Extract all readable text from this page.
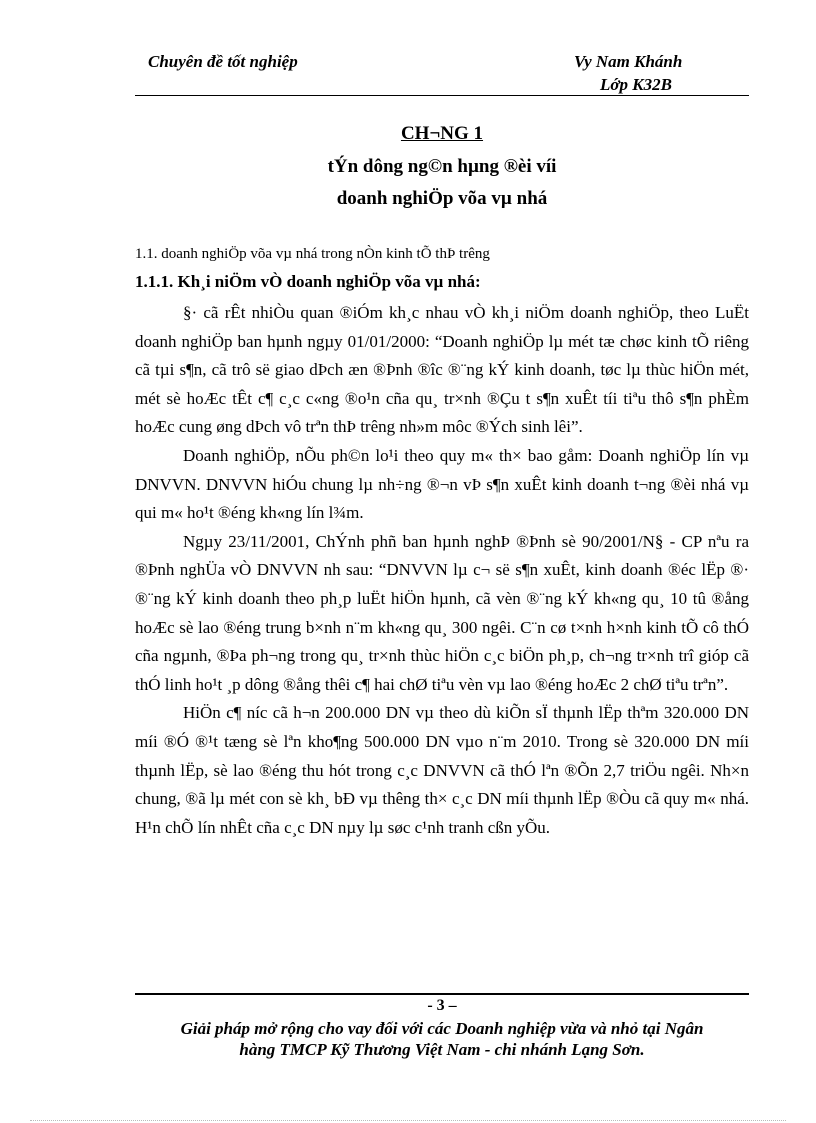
Chuyên đề tốt nghiệp	Vy Nam Khánh
Lớp K32B
CH¬NG 1
tÝn dông ng©n hµng ®èi víi
doanh nghiÖp võa vµ nhá
1.1. doanh nghiÖp võa vµ nhá trong nÒn kinh tÕ thÞ trêng
1.1.1. Kh¸i niÖm vÒ doanh nghiÖp võa vµ nhá:

§· cã rÊt nhiÒu quan ®iÓm kh¸c nhau vÒ kh¸i niÖm doanh nghiÖp, theo LuËt doanh nghiÖp ban hµnh ngµy 01/01/2000: “Doanh nghiÖp lµ mét tæ chøc kinh tÕ riêng cã tµi s¶n, cã trô së giao dÞch æn ®Þnh ®îc ®¨ng kÝ kinh doanh, tøc lµ thùc hiÖn mét, mét sè hoÆc tÊt c¶ c¸c c«ng ®o¹n cña qu¸ tr×nh ®Çu t s¶n xuÊt tíi tiªu thô s¶n phÈm hoÆc cung øng dÞch vô trªn thÞ trêng nh»m môc ®Ých sinh lêi”.

Doanh nghiÖp, nÕu ph©n lo¹i theo quy m« th× bao gåm: Doanh nghiÖp lín vµ DNVVN. DNVVN hiÓu chung lµ nh÷ng ®¬n vÞ s¶n xuÊt kinh doanh t¬ng ®èi nhá vµ qui m« ho¹t ®éng kh«ng lín l¾m.

Ngµy 23/11/2001, ChÝnh phñ ban hµnh nghÞ ®Þnh sè 90/2001/N§ - CP nªu ra ®Þnh nghÜa vÒ DNVVN nh sau: “DNVVN lµ c¬ së s¶n xuÊt, kinh doanh ®éc lËp ®· ®¨ng kÝ kinh doanh theo ph¸p luËt hiÖn hµnh, cã vèn ®¨ng kÝ kh«ng qu¸ 10 tû ®ång hoÆc sè lao ®éng trung b×nh n¨m kh«ng qu¸ 300 ngêi. C¨n cø t×nh h×nh kinh tÕ cô thÓ cña ngµnh, ®Þa ph¬ng trong qu¸ tr×nh thùc hiÖn c¸c biÖn ph¸p, ch¬ng tr×nh trî gióp cã thÓ linh ho¹t ¸p dông ®ång thêi c¶ hai chØ tiªu vèn vµ lao ®éng hoÆc 2 chØ tiªu trªn”.

HiÖn c¶ níc cã h¬n 200.000 DN vµ theo dù kiÕn sÏ thµnh lËp thªm 320.000 DN míi ®Ó ®¹t tæng sè lªn kho¶ng 500.000 DN vµo n¨m 2010. Trong sè 320.000 DN míi thµnh lËp, sè lao ®éng thu hót trong c¸c DNVVN cã thÓ lªn ®Õn 2,7 triÖu ngêi. Nh×n chung, ®ã lµ mét con sè kh¸ bÐ vµ thêng th× c¸c DN míi thµnh lËp ®Òu cã quy m« nhá. H¹n chÕ lín nhÊt cña c¸c DN nµy lµ søc c¹nh tranh cßn yÕu.

- 3 –
Giải pháp mở rộng cho vay đối với các Doanh nghiệp vừa và nhỏ tại Ngân
hàng TMCP Kỹ Thương Việt Nam - chi nhánh Lạng Sơn.
